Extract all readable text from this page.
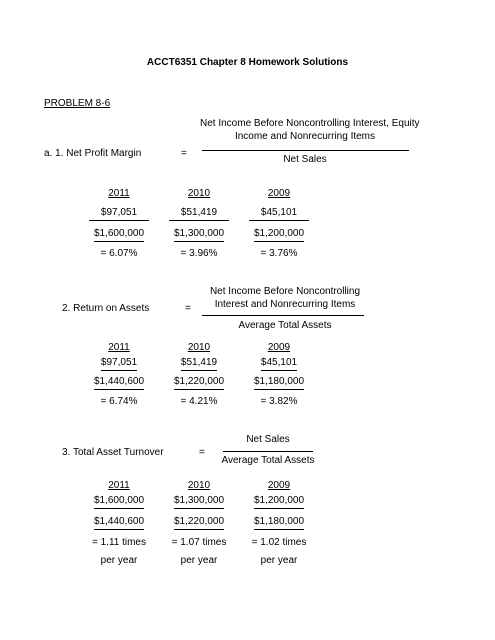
ACCT6351 Chapter 8 Homework Solutions
PROBLEM 8-6
a. 1. Net Profit Margin	=
Net Income Before Noncontrolling Interest, Equity
Income and Nonrecurring Items
Net Sales
2011	2010	2009
$97,051	$51,419	$45,101
$1,600,000	$1,300,000	$1,200,000
= 6.07%	= 3.96%	= 3.76%
2. Return on Assets	=
Net Income Before Noncontrolling
Interest and Nonrecurring Items
Average Total Assets
2011	2010	2009
$97,051	$51,419	$45,101
$1,440,600	$1,220,000	$1,180,000
= 6.74%	= 4.21%	= 3.82%
3. Total Asset Turnover	=
Net Sales
Average Total Assets
2011	2010	2009
$1,600,000	$1,300,000	$1,200,000
$1,440,600	$1,220,000	$1,180,000
= 1.11 times	= 1.07 times	= 1.02 times
per year	per year	per year
